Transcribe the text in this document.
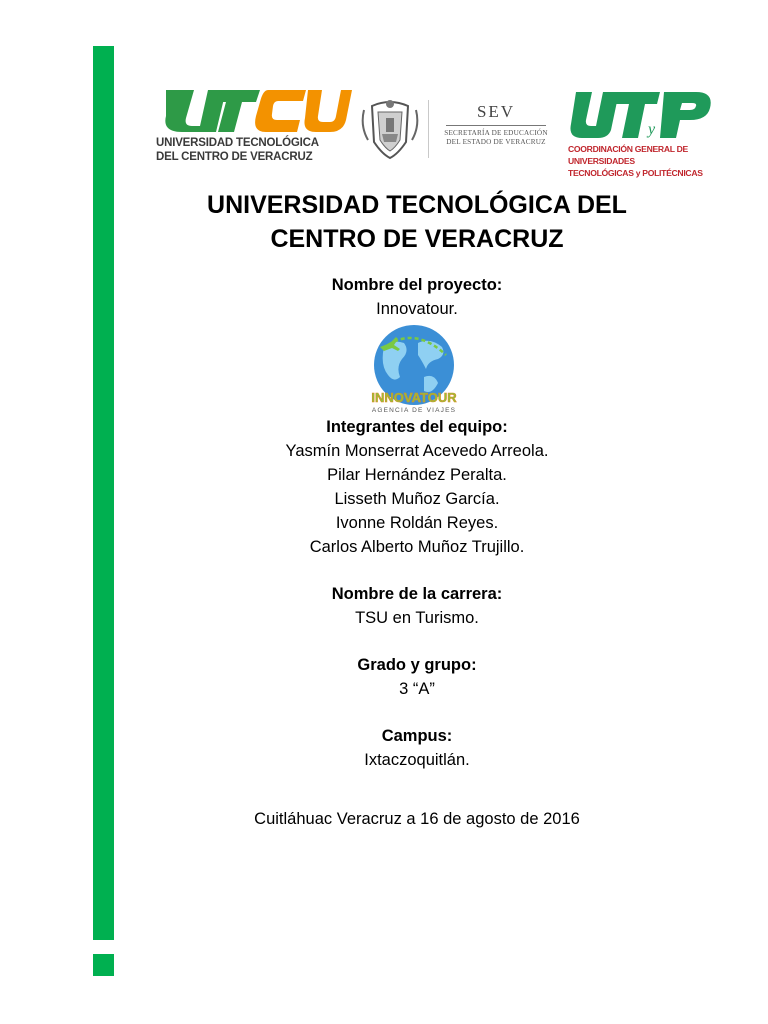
UNIVERSIDAD TECNOLÓGICA
DEL CENTRO DE VERACRUZ
SEV
SECRETARÍA DE EDUCACIÓN
DEL ESTADO DE VERACRUZ
y
COORDINACIÓN GENERAL DE UNIVERSIDADES
TECNOLÓGICAS y POLITÉCNICAS
UNIVERSIDAD TECNOLÓGICA DEL
CENTRO DE VERACRUZ
Nombre del proyecto:
Innovatour.
INNOVATOUR
AGENCIA DE VIAJES
Integrantes del equipo:
Yasmín Monserrat Acevedo Arreola.
Pilar Hernández Peralta.
Lisseth Muñoz García.
Ivonne Roldán Reyes.
Carlos Alberto Muñoz Trujillo.
Nombre de la carrera:
TSU en Turismo.
Grado y grupo:
3 “A”
Campus:
Ixtaczoquitlán.
Cuitláhuac Veracruz a 16 de agosto de 2016
